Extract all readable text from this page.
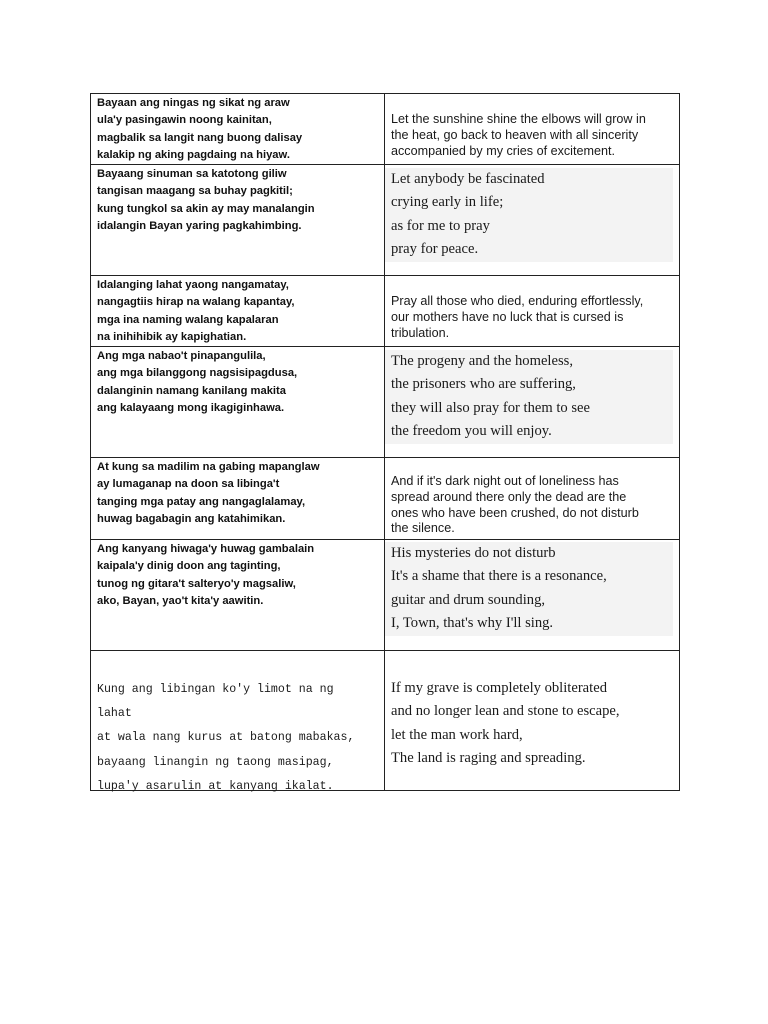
Bayaan ang ningas ng sikat ng araw
ula'y pasingawin noong kainitan,
magbalik sa langit nang buong dalisay
kalakip ng aking pagdaing na hiyaw.
Let the sunshine shine the elbows will grow in
the heat, go back to heaven with all sincerity
accompanied by my cries of excitement.
Bayaang sinuman sa katotong giliw
tangisan maagang sa buhay pagkitil;
kung tungkol sa akin ay may manalangin
idalangin Bayan yaring pagkahimbing.
Let anybody be fascinated
crying early in life;
as for me to pray
pray for peace.
Idalanging lahat yaong nangamatay,
nangagtiis hirap na walang kapantay,
mga ina naming walang kapalaran
na inihihibik ay kapighatian.
Pray all those who died, enduring effortlessly,
our mothers have no luck that is cursed is
tribulation.
Ang mga nabao't pinapangulila,
ang mga bilanggong nagsisipagdusa,
dalanginin namang kanilang makita
ang kalayaang mong ikagiginhawa.
The progeny and the homeless,
the prisoners who are suffering,
they will also pray for them to see
the freedom you will enjoy.
At kung sa madilim na gabing mapanglaw
ay lumaganap na doon sa libinga't
tanging mga patay ang nangaglalamay,
huwag bagabagin ang katahimikan.
And if it's dark night out of loneliness has
spread around there only the dead are the
ones who have been crushed, do not disturb
the silence.
Ang kanyang hiwaga'y huwag gambalain
kaipala'y dinig doon ang taginting,
tunog ng gitara't salteryo'y magsaliw,
ako, Bayan, yao't kita'y aawitin.
His mysteries do not disturb
It's a shame that there is a resonance,
guitar and drum sounding,
I, Town, that's why I'll sing.
Kung ang libingan ko'y limot na ng
lahat
at wala nang kurus at batong mabakas,
bayaang linangin ng taong masipag,
lupa'y asarulin at kanyang ikalat.
If my grave is completely obliterated
and no longer lean and stone to escape,
let the man work hard,
The land is raging and spreading.
